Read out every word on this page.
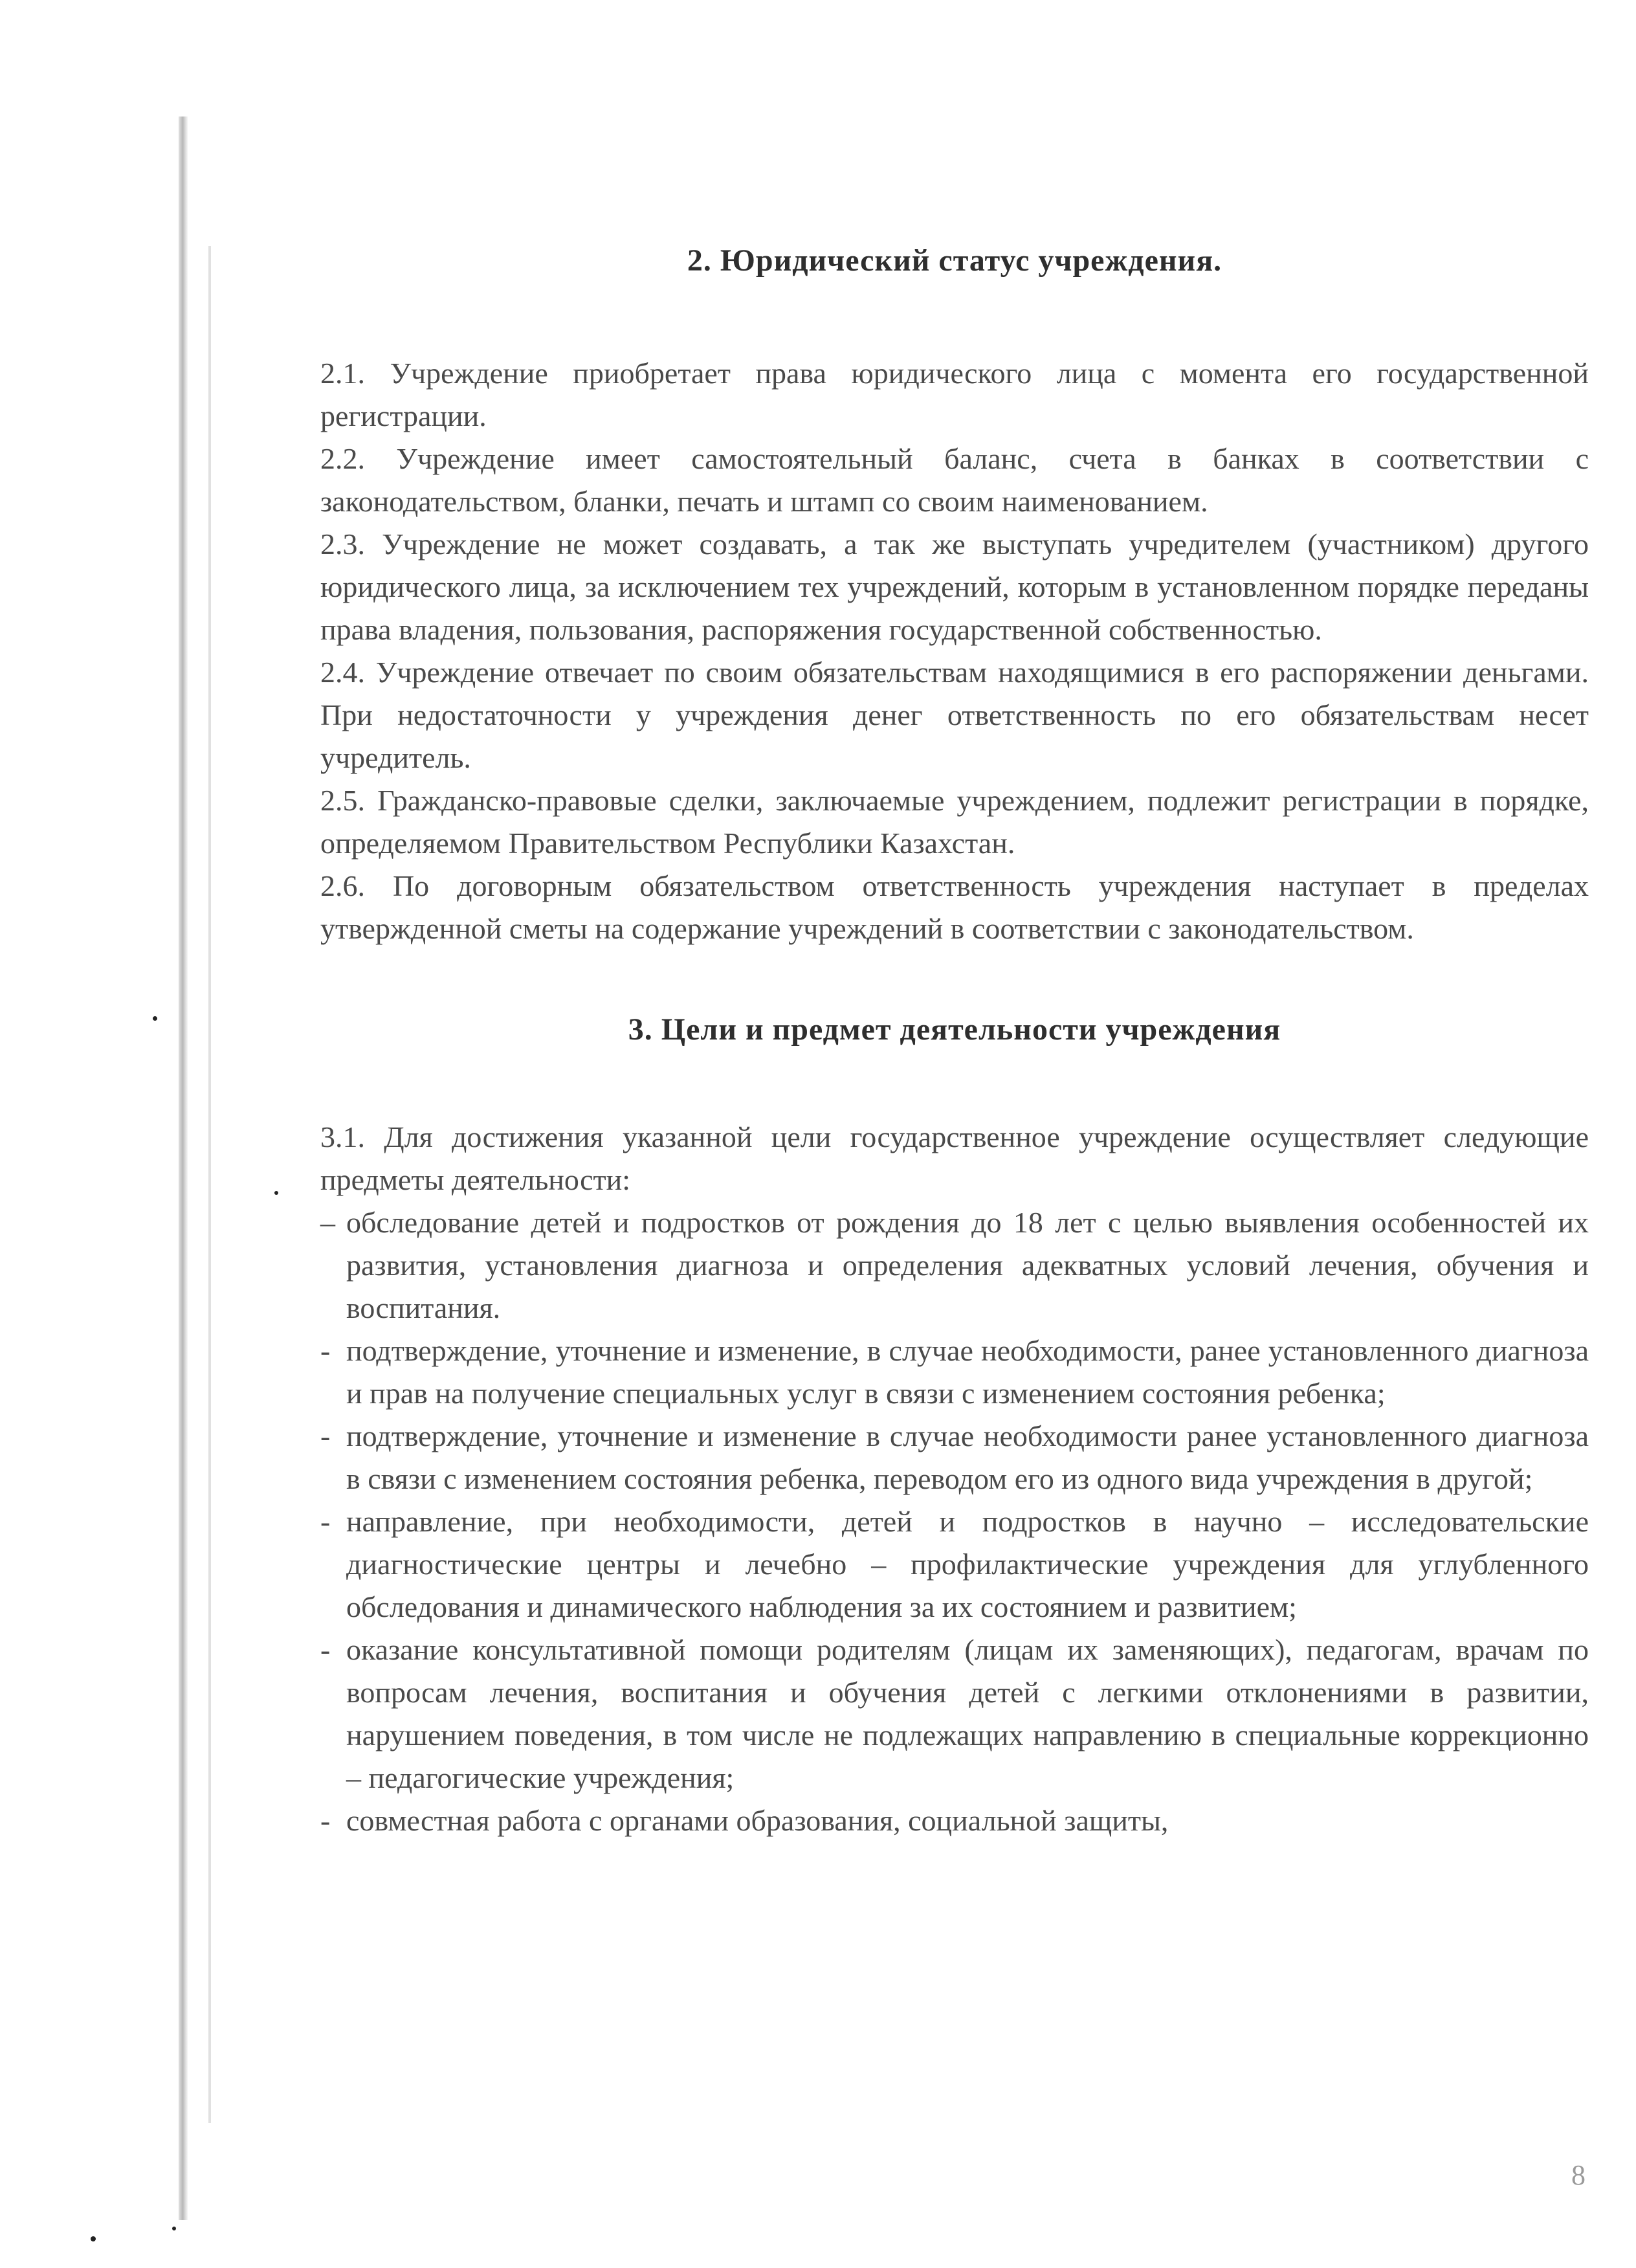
2. Юридический статус учреждения.

2.1. Учреждение приобретает права юридического лица с момента его государственной регистрации.

2.2. Учреждение имеет самостоятельный баланс, счета в банках в соответствии с законодательством, бланки, печать и штамп со своим наименованием.

2.3. Учреждение не может создавать, а так же выступать учредителем (участником) другого юридического лица, за исключением тех учреждений, которым в установленном порядке переданы права владения, пользования, распоряжения государственной собственностью.

2.4. Учреждение отвечает по своим обязательствам находящимися в его распоряжении деньгами. При недостаточности у учреждения денег ответственность по его обязательствам несет учредитель.

2.5. Гражданско-правовые сделки, заключаемые учреждением, подлежит регистрации в порядке, определяемом Правительством Республики Казахстан.

2.6. По договорным обязательством ответственность учреждения наступает в пределах утвержденной сметы на содержание учреждений в соответствии с законодательством.

3. Цели и предмет деятельности учреждения

3.1. Для достижения указанной цели государственное учреждение осуществляет следующие предметы деятельности:

– обследование детей и подростков от рождения до 18 лет с целью выявления особенностей их развития, установления диагноза и определения адекватных условий лечения, обучения и воспитания.
- подтверждение, уточнение и изменение, в случае необходимости, ранее установленного диагноза и прав на получение специальных услуг в связи с изменением состояния ребенка;
- подтверждение, уточнение и изменение в случае необходимости ранее установленного диагноза в связи с изменением состояния ребенка, переводом его из одного вида учреждения в другой;
- направление, при необходимости, детей и подростков в научно – исследовательские диагностические центры и лечебно – профилактические учреждения для углубленного обследования и динамического наблюдения за их состоянием и развитием;
- оказание консультативной помощи родителям (лицам их заменяющих), педагогам, врачам по вопросам лечения, воспитания и обучения детей с легкими отклонениями в развитии, нарушением поведения, в том числе не подлежащих направлению в специальные коррекционно – педагогические учреждения;
- совместная работа с органами образования, социальной защиты,
8
